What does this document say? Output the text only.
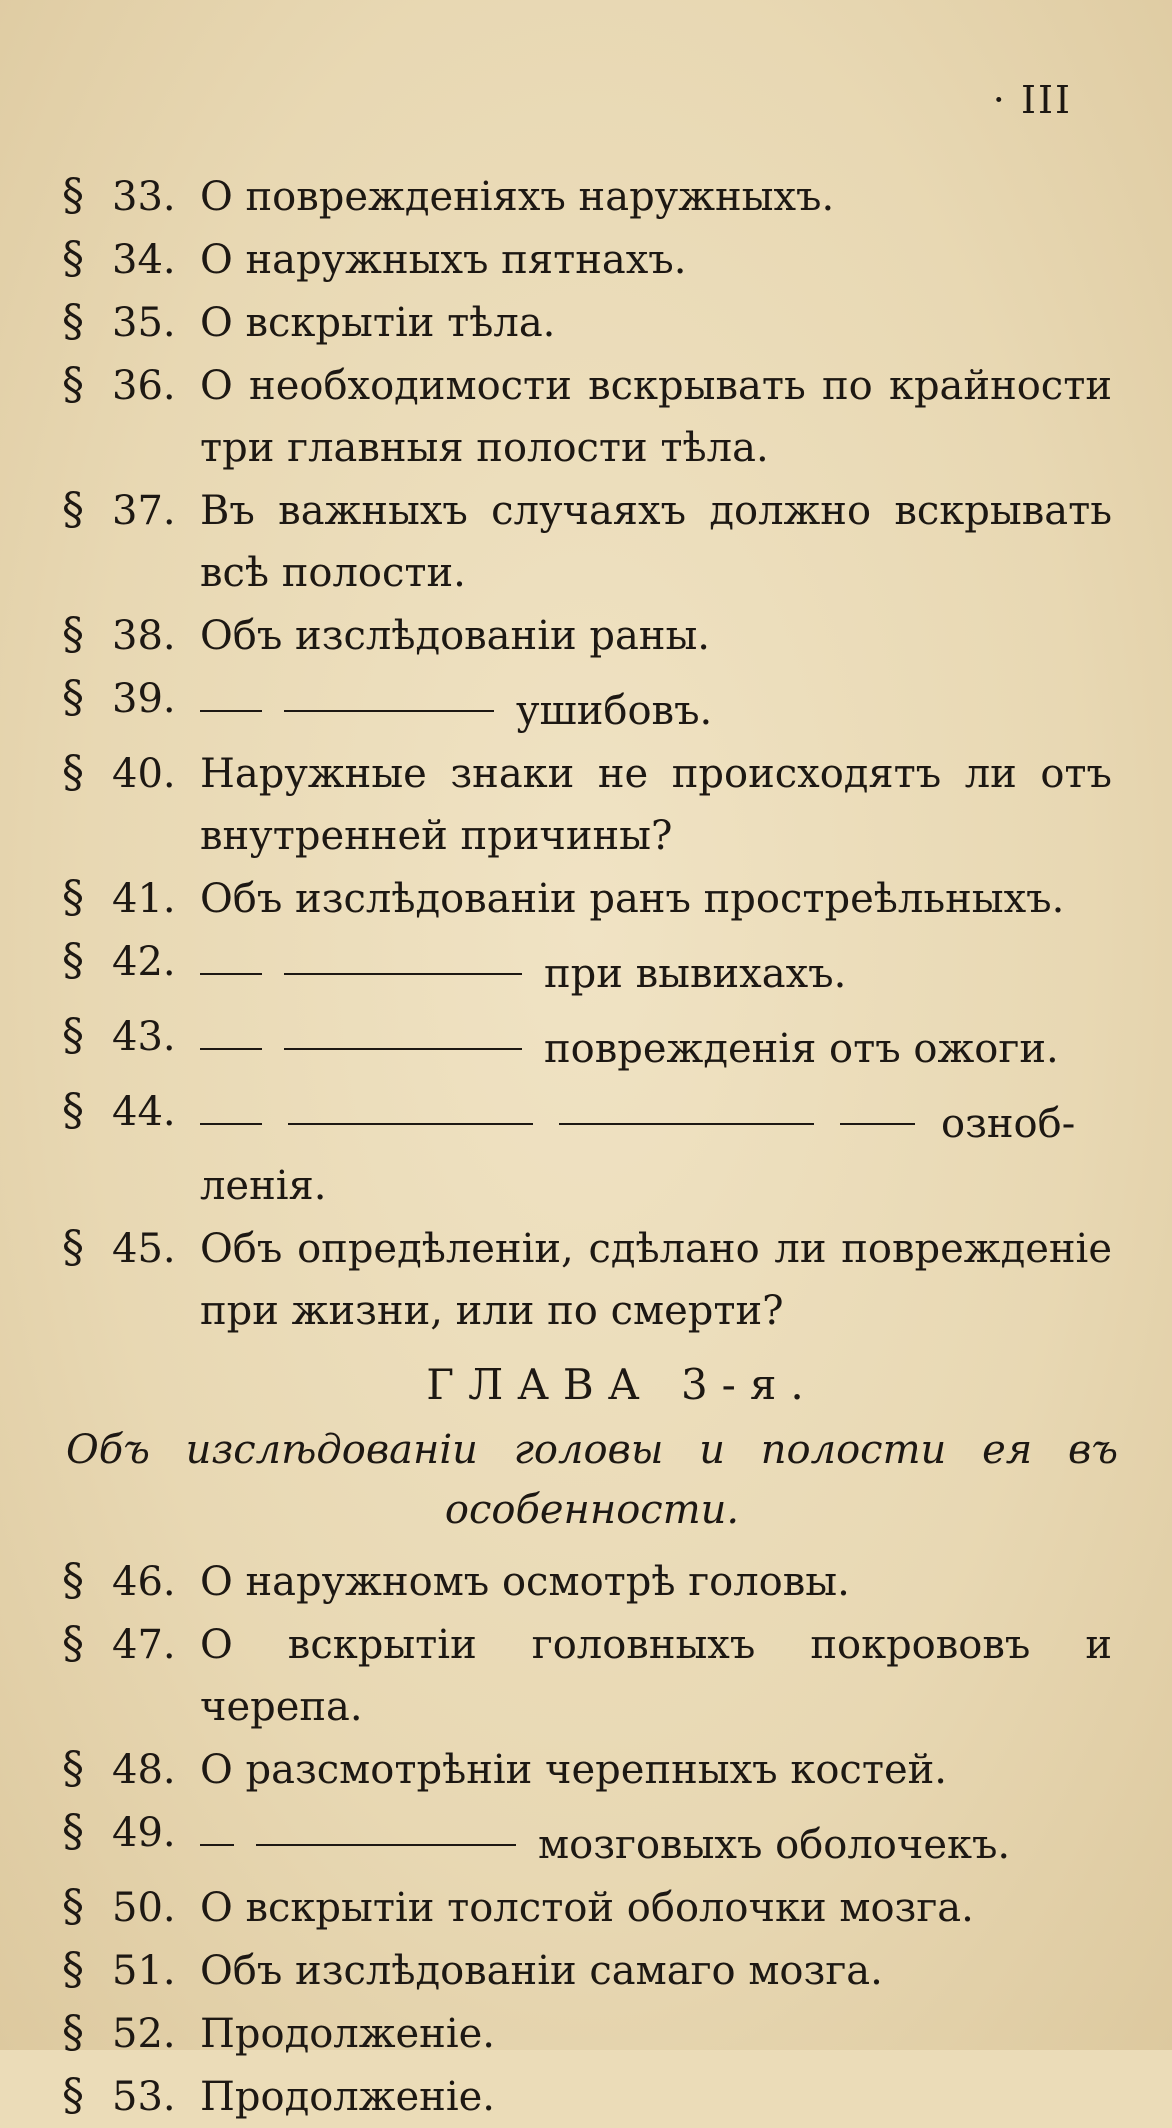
· III
§ 33. О поврежденіяхъ наружныхъ.
§ 34. О наружныхъ пятнахъ.
§ 35. О вскрытіи тѣла.
§ 36. О необходимости вскрывать по крайности три главныя полости тѣла.
§ 37. Въ важныхъ случаяхъ должно вскрывать всѣ полости.
§ 38. Объ изслѣдованіи раны.
§ 39.	ушибовъ.
§ 40. Наружные знаки не происходятъ ли отъ внутренней причины?
§ 41. Объ изслѣдованіи ранъ простреѣльныхъ.
§ 42.	при вывихахъ.
§ 43.	поврежденія отъ ожоги.
§ 44.	озноб-
ленія.
§ 45. Объ опредѣленіи, сдѣлано ли поврежденіе при жизни, или по смерти?
ГЛАВА 3-я.
Объ изслѣдованіи головы и полости ея въ особенности.
§ 46. О наружномъ осмотрѣ головы.
§ 47. О вскрытіи головныхъ покрововъ и черепа.
§ 48. О разсмотрѣніи черепныхъ костей.
§ 49.	мозговыхъ оболочекъ.
§ 50. О вскрытіи толстой оболочки мозга.
§ 51. Объ изслѣдованіи самаго мозга.
§ 52. Продолженіе.
§ 53. Продолженіе.
